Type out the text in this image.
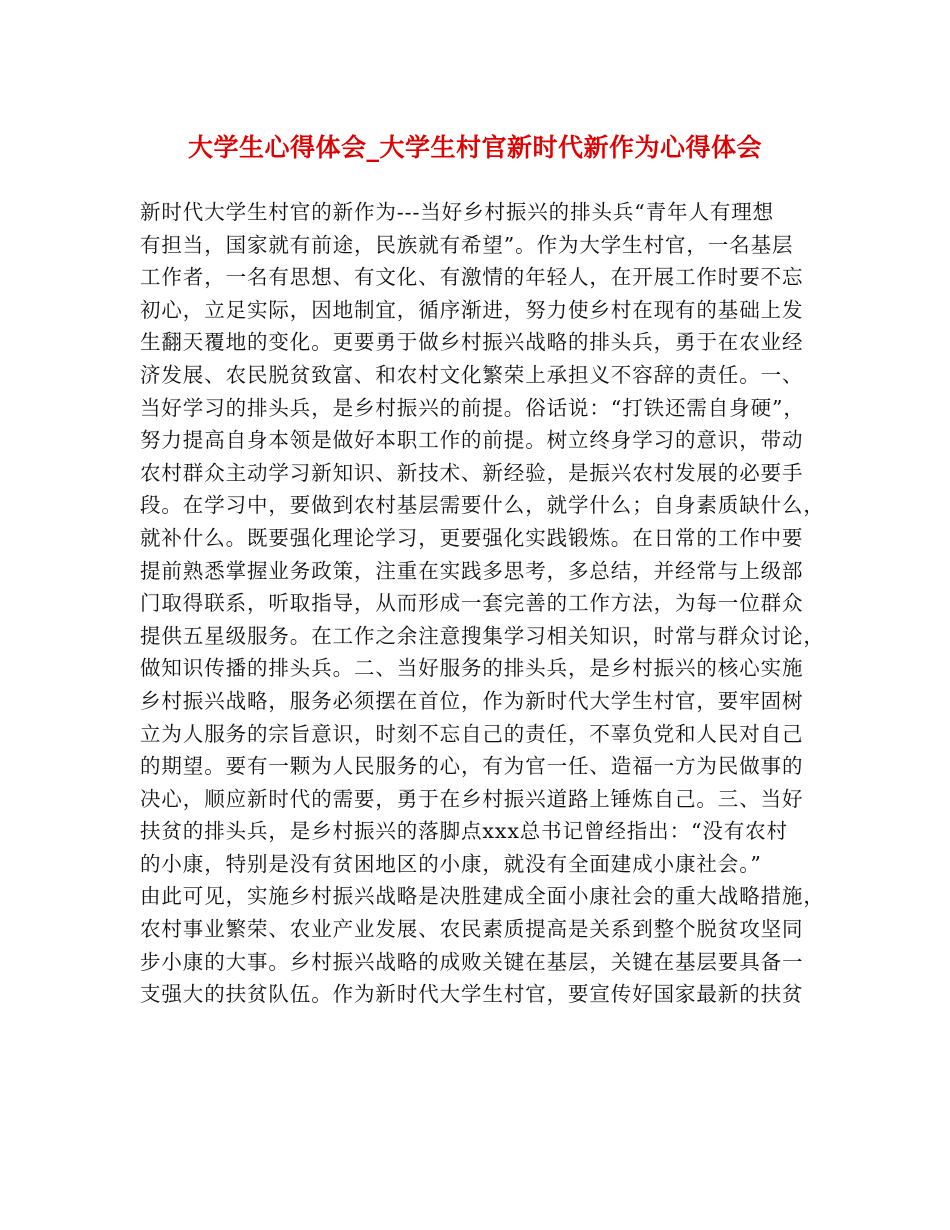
大学生心得体会_大学生村官新时代新作为心得体会
新时代大学生村官的新作为---当好乡村振兴的排头兵“青年人有理想
有担当，国家就有前途，民族就有希望”。作为大学生村官，一名基层
工作者，一名有思想、有文化、有激情的年轻人，在开展工作时要不忘
初心，立足实际，因地制宜，循序渐进，努力使乡村在现有的基础上发
生翻天覆地的变化。更要勇于做乡村振兴战略的排头兵，勇于在农业经
济发展、农民脱贫致富、和农村文化繁荣上承担义不容辞的责任。一、
当好学习的排头兵，是乡村振兴的前提。俗话说：“打铁还需自身硬”，
努力提高自身本领是做好本职工作的前提。树立终身学习的意识，带动
农村群众主动学习新知识、新技术、新经验，是振兴农村发展的必要手
段。在学习中，要做到农村基层需要什么，就学什么；自身素质缺什么，
就补什么。既要强化理论学习，更要强化实践锻炼。在日常的工作中要
提前熟悉掌握业务政策，注重在实践多思考，多总结，并经常与上级部
门取得联系，听取指导，从而形成一套完善的工作方法，为每一位群众
提供五星级服务。在工作之余注意搜集学习相关知识，时常与群众讨论，
做知识传播的排头兵。二、当好服务的排头兵，是乡村振兴的核心实施
乡村振兴战略，服务必须摆在首位，作为新时代大学生村官，要牢固树
立为人服务的宗旨意识，时刻不忘自己的责任，不辜负党和人民对自己
的期望。要有一颗为人民服务的心，有为官一任、造福一方为民做事的
决心，顺应新时代的需要，勇于在乡村振兴道路上锤炼自己。三、当好
扶贫的排头兵，是乡村振兴的落脚点xxx总书记曾经指出：“没有农村
的小康，特别是没有贫困地区的小康，就没有全面建成小康社会。”
由此可见，实施乡村振兴战略是决胜建成全面小康社会的重大战略措施，
农村事业繁荣、农业产业发展、农民素质提高是关系到整个脱贫攻坚同
步小康的大事。乡村振兴战略的成败关键在基层，关键在基层要具备一
支强大的扶贫队伍。作为新时代大学生村官，要宣传好国家最新的扶贫
